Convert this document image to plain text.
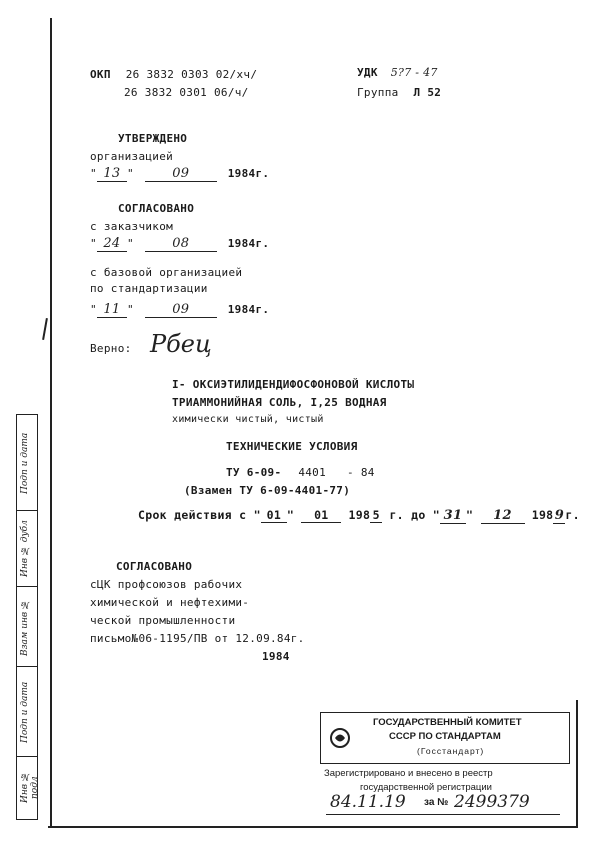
ОКП 26 3832 0303 02/хч/
26 3832 0301 06/ч/
УДК 5?7 - 47
Группа Л 52
УТВЕРЖДЕНО
организацией
" 13 "	09	1984г.
СОГЛАСОВАНО
с заказчиком
" 24 "	08	1984г.
с базовой организацией
по стандартизации
" 11 "	09	1984г.
Верно: Рбец
I- ОКСИЭТИЛИДЕНДИФОСФОНОВОЙ КИСЛОТЫ
ТРИАММОНИЙНАЯ СОЛЬ, I,25 ВОДНАЯ
химически чистый, чистый
ТЕХНИЧЕСКИЕ УСЛОВИЯ
ТУ 6-09- 4401 - 84
(Взамен ТУ 6-09-4401-77)
Срок действия с " 01 " 01 198 5 г. до " 31 " 12 1989г.
СОГЛАСОВАНО
сЦК профсоюзов рабочих
химической и нефтехими-
ческой промышленности
письмо№06-1195/ПВ от 12.09.84г.
1984
Подп и дата
Инв № дубл
Взам инв №
Подп и дата
Инв № подл
ГОСУДАРСТВЕННЫЙ КОМИТЕТ
СССР ПО СТАНДАРТАМ
(Госстандарт)
Зарегистрировано и внесено в реестр
государственной регистрации
84.11.19 за № 2499379
